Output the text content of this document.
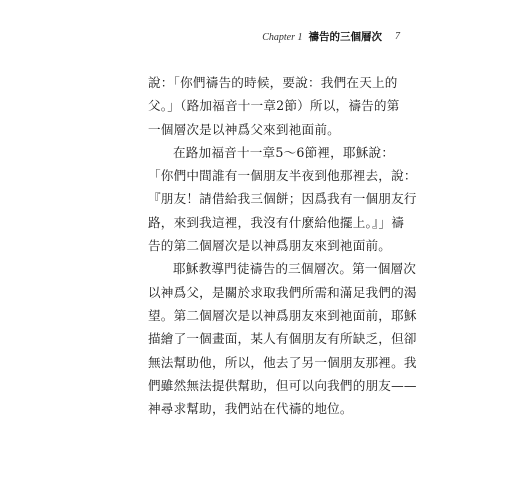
Chapter 1 禱告的三個層次 7
說：「你們禱告的時候，要說：我們在天上的
父。」（路加福音十一章2節）所以，禱告的第
一個層次是以神爲父來到祂面前。
在路加福音十一章5～6節裡，耶穌說：
「你們中間誰有一個朋友半夜到他那裡去，說：
『朋友！請借給我三個餅；因爲我有一個朋友行
路，來到我這裡，我沒有什麼給他擺上。』」禱
告的第二個層次是以神爲朋友來到祂面前。
耶穌教導門徒禱告的三個層次。第一個層次
以神爲父，是關於求取我們所需和滿足我們的渴
望。第二個層次是以神爲朋友來到祂面前，耶穌
描繪了一個畫面，某人有個朋友有所缺乏，但卻
無法幫助他，所以，他去了另一個朋友那裡。我
們雖然無法提供幫助，但可以向我們的朋友——
神尋求幫助，我們站在代禱的地位。
